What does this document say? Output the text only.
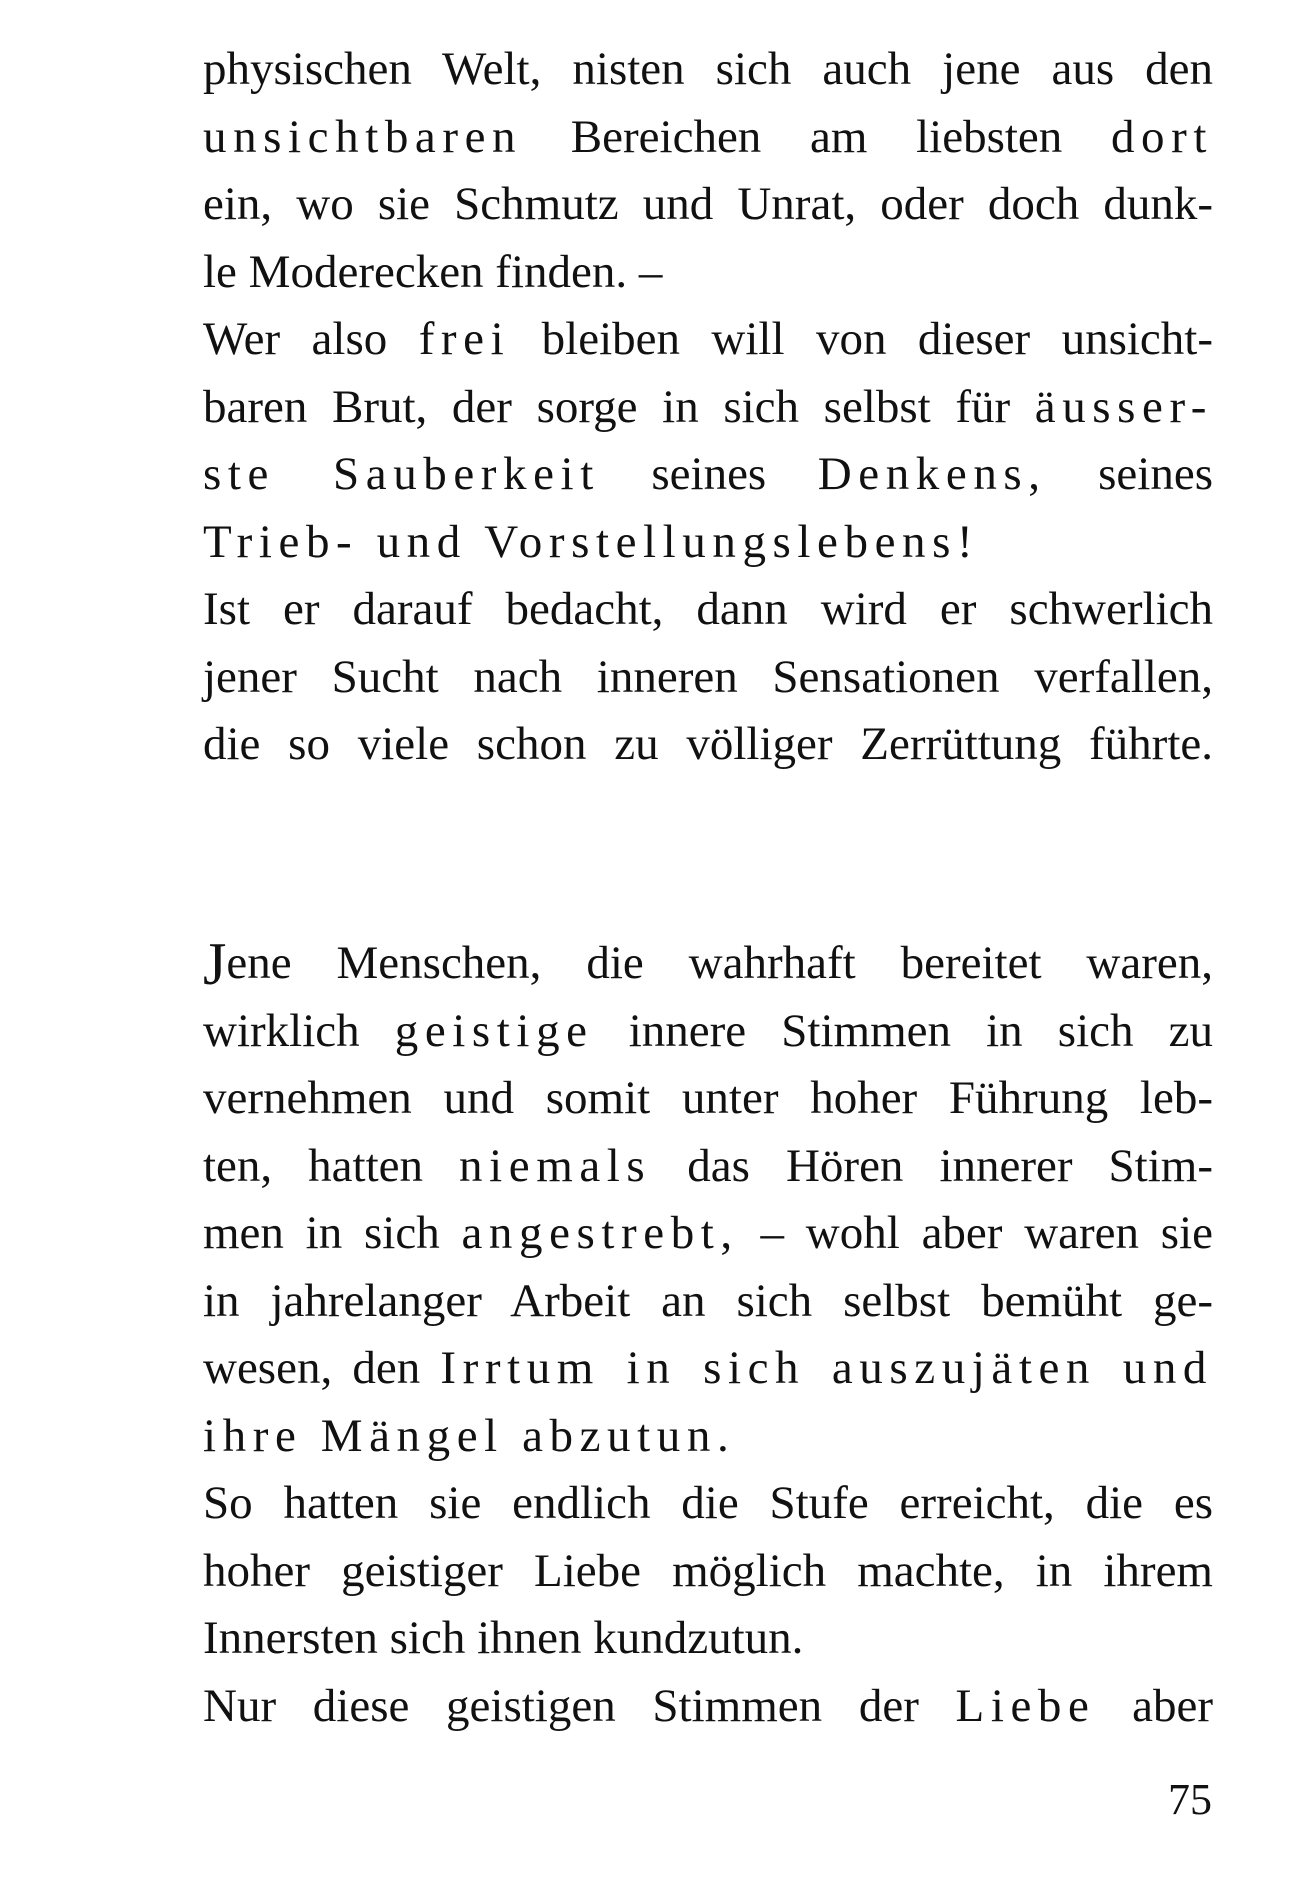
physischen Welt, nisten sich auch jene aus den
unsichtbaren Bereichen am liebsten dort
ein, wo sie Schmutz und Unrat, oder doch dunk-
le Moderecken finden. –
Wer also frei bleiben will von dieser unsicht-
baren Brut, der sorge in sich selbst für äusser-
ste Sauberkeit seines Denkens, seines
Trieb- und Vorstellungslebens!
Ist er darauf bedacht, dann wird er schwerlich
jener Sucht nach inneren Sensationen verfallen,
die so viele schon zu völliger Zerrüttung führte.
Jene Menschen, die wahrhaft bereitet waren,
wirklich geistige innere Stimmen in sich zu
vernehmen und somit unter hoher Führung leb-
ten, hatten niemals das Hören innerer Stim-
men in sich angestrebt, – wohl aber waren sie
in jahrelanger Arbeit an sich selbst bemüht ge-
wesen, den Irrtum in sich auszujäten und
ihre Mängel abzutun.
So hatten sie endlich die Stufe erreicht, die es
hoher geistiger Liebe möglich machte, in ihrem
Innersten sich ihnen kundzutun.
Nur diese geistigen Stimmen der Liebe aber
75
